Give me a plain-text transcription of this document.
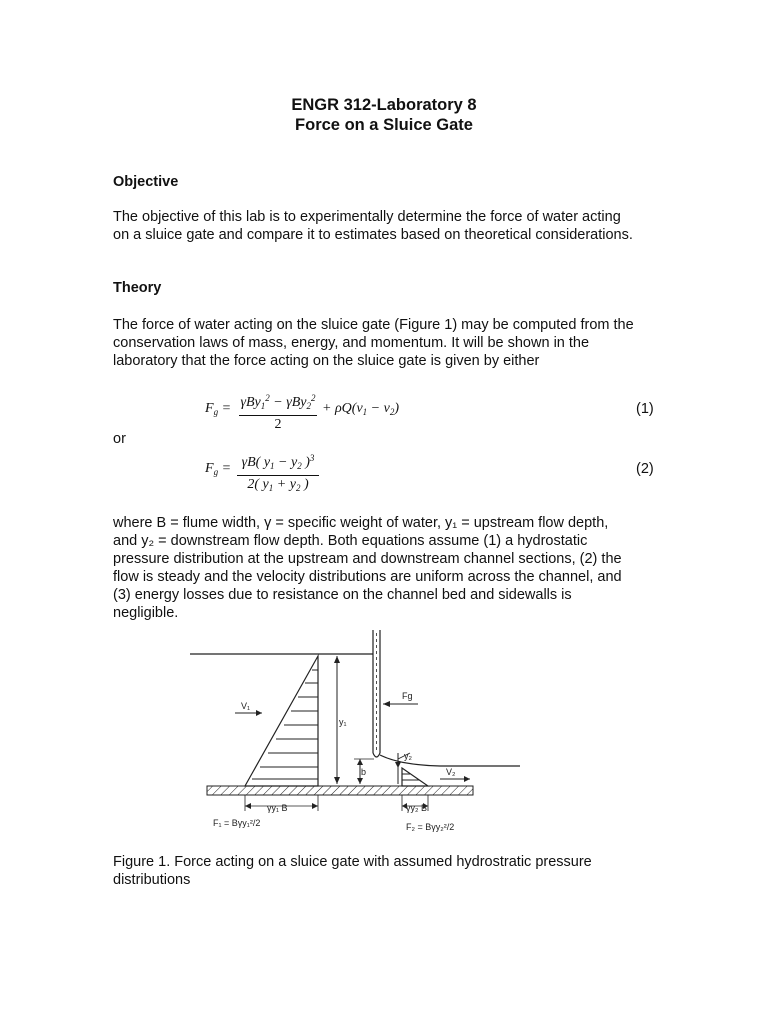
ENGR 312-Laboratory 8
Force on a Sluice Gate
Objective
The objective of this lab is to experimentally determine the force of water acting
on a sluice gate and compare it to estimates based on theoretical considerations.
Theory
The force of water acting on the sluice gate (Figure 1) may be computed from the
conservation laws of mass, energy, and momentum. It will be shown in the
laboratory that the force acting on the sluice gate is given by either
$F_g = \gamma By_1^2 - \gamma By_2^2$
2
+ $\rho Q(v_1 - v_2)$	(1)
or
$F_g = \frac{\gamma B( y_1 - y_2 )^3}{2( y_1 + y_2 )}$	(2)
where B = flume width, γ = specific weight of water, y₁ = upstream flow depth,
and y₂ = downstream flow depth. Both equations assume (1) a hydrostatic
pressure distribution at the upstream and downstream channel sections, (2) the
flow is steady and the velocity distributions are uniform across the channel, and
(3) energy losses due to resistance on the channel bed and sidewalls is
negligible.
V₁
y₁
Fg
y₂
b	V₂
γy₁ B	γy₂ B
F₁ = Bγy₁²/2	F₂ = Bγy₂²/2
Figure 1. Force acting on a sluice gate with assumed hydrostratic pressure
distributions
